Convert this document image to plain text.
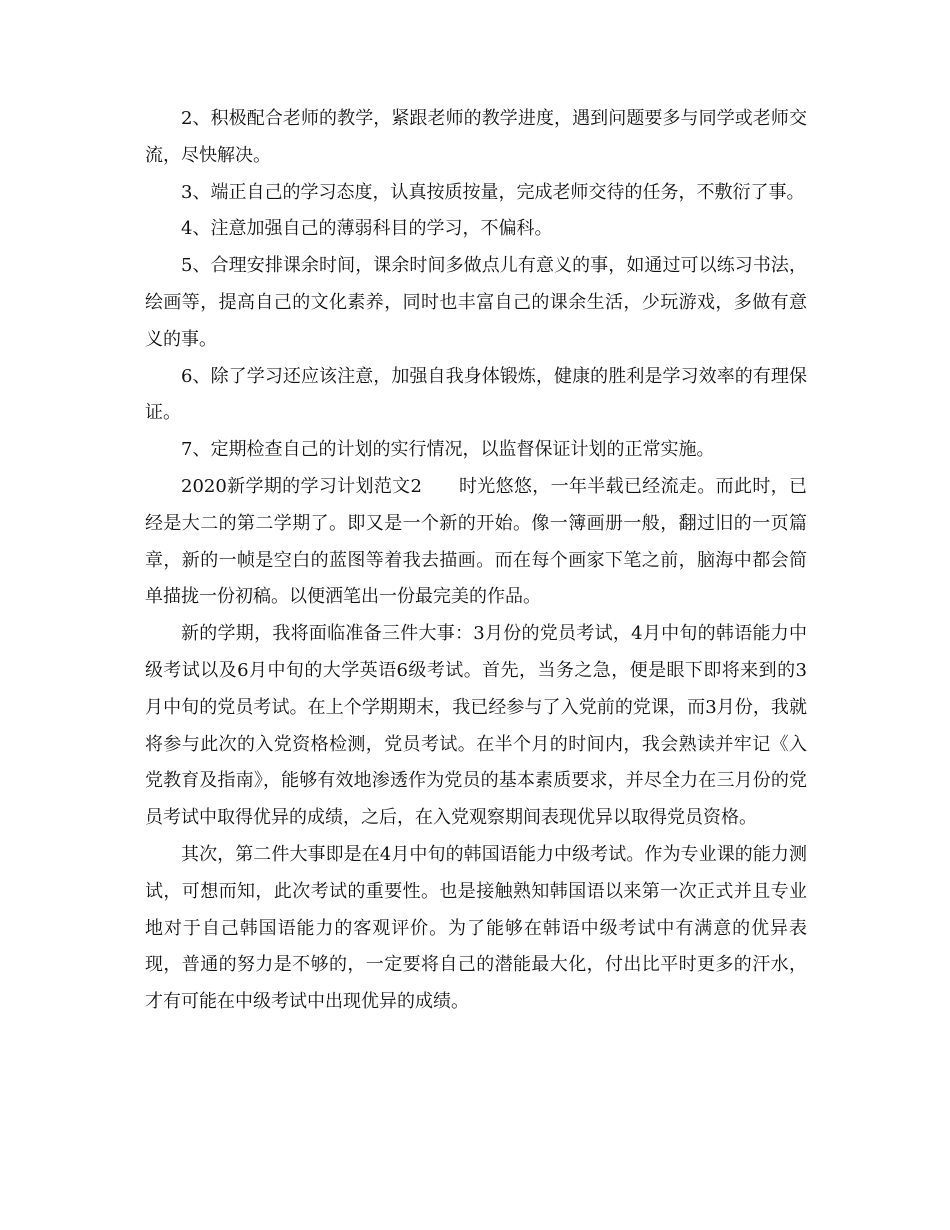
2、积极配合老师的教学，紧跟老师的教学进度，遇到问题要多与同学或老师交流，尽快解决。

3、端正自己的学习态度，认真按质按量，完成老师交待的任务，不敷衍了事。

4、注意加强自己的薄弱科目的学习，不偏科。

5、合理安排课余时间，课余时间多做点儿有意义的事，如通过可以练习书法，绘画等，提高自己的文化素养，同时也丰富自己的课余生活，少玩游戏，多做有意义的事。

6、除了学习还应该注意，加强自我身体锻炼，健康的胜利是学习效率的有理保证。

7、定期检查自己的计划的实行情况，以监督保证计划的正常实施。

2020新学期的学习计划范文2　　时光悠悠，一年半载已经流走。而此时，已经是大二的第二学期了。即又是一个新的开始。像一簿画册一般，翻过旧的一页篇章，新的一帧是空白的蓝图等着我去描画。而在每个画家下笔之前，脑海中都会简单描拢一份初稿。以便洒笔出一份最完美的作品。

新的学期，我将面临准备三件大事：3月份的党员考试，4月中旬的韩语能力中级考试以及6月中旬的大学英语6级考试。首先，当务之急，便是眼下即将来到的3月中旬的党员考试。在上个学期期末，我已经参与了入党前的党课，而3月份，我就将参与此次的入党资格检测，党员考试。在半个月的时间内，我会熟读并牢记《入党教育及指南》，能够有效地渗透作为党员的基本素质要求，并尽全力在三月份的党员考试中取得优异的成绩，之后，在入党观察期间表现优异以取得党员资格。

其次，第二件大事即是在4月中旬的韩国语能力中级考试。作为专业课的能力测试，可想而知，此次考试的重要性。也是接触熟知韩国语以来第一次正式并且专业地对于自己韩国语能力的客观评价。为了能够在韩语中级考试中有满意的优异表现，普通的努力是不够的，一定要将自己的潜能最大化，付出比平时更多的汗水，才有可能在中级考试中出现优异的成绩。
